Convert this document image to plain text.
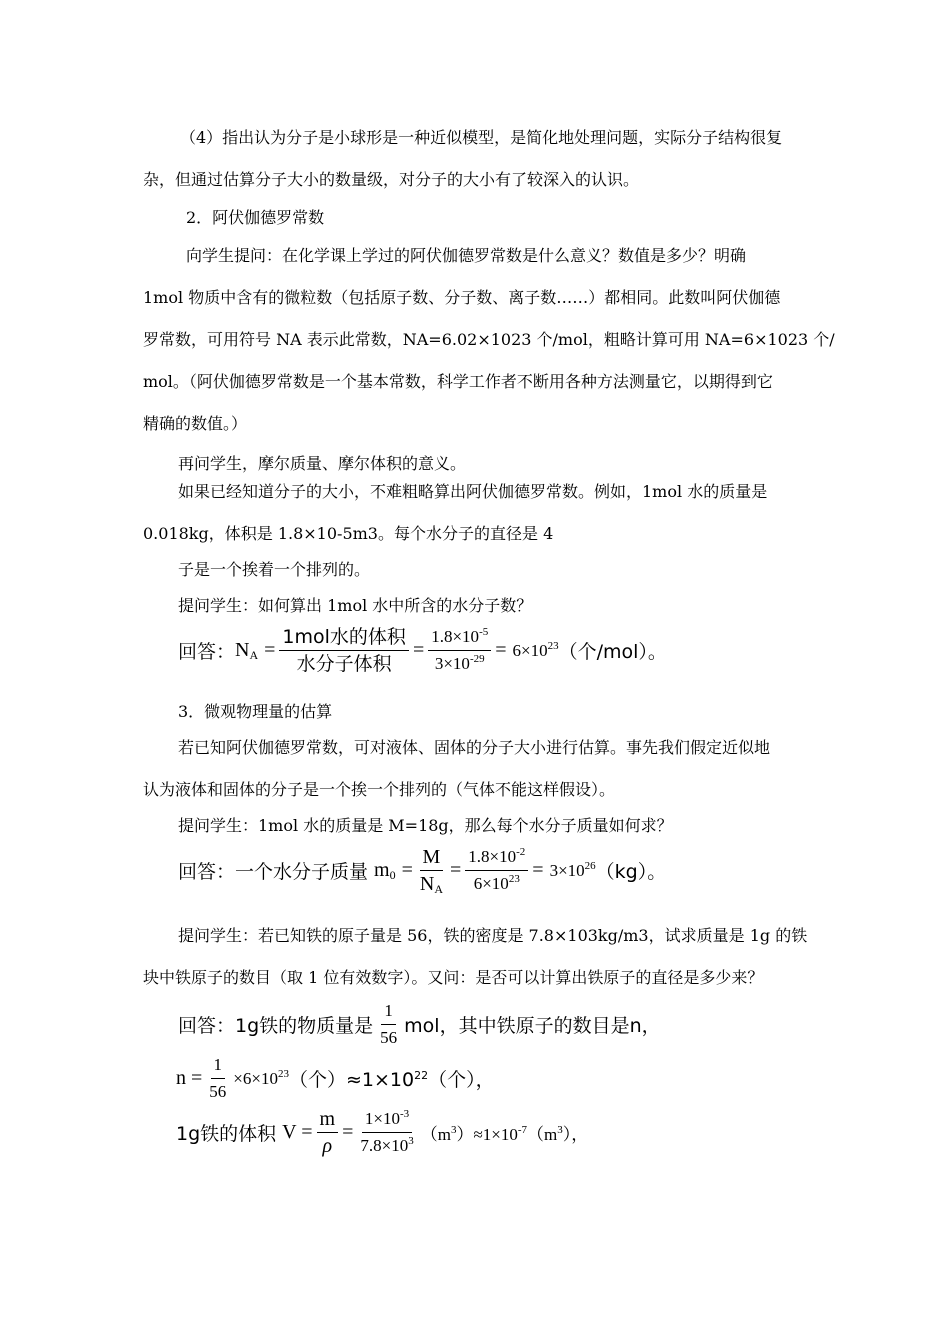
（4）指出认为分子是小球形是一种近似模型，是简化地处理问题，实际分子结构很复
杂，但通过估算分子大小的数量级，对分子的大小有了较深入的认识。
2．阿伏伽德罗常数
向学生提问：在化学课上学过的阿伏伽德罗常数是什么意义？数值是多少？明确
1mol 物质中含有的微粒数（包括原子数、分子数、离子数……）都相同。此数叫阿伏伽德
罗常数，可用符号 NA 表示此常数，NA=6.02×1023 个/mol，粗略计算可用 NA=6×1023 个/
mol。（阿伏伽德罗常数是一个基本常数，科学工作者不断用各种方法测量它，以期得到它
精确的数值。）
再问学生，摩尔质量、摩尔体积的意义。
如果已经知道分子的大小，不难粗略算出阿伏伽德罗常数。例如，1mol 水的质量是
0.018kg，体积是 1.8×10-5m3。每个水分子的直径是 4
子是一个挨着一个排列的。
提问学生：如何算出 1mol 水中所含的水分子数？
回答： $N_A = \frac{\text{1mol水的体积}}{\text{水分子体积}} = \frac{1.8\times 10^{-5}}{3\times 10^{-29}} = 6\times 10^{23}$ （个/mol）。
3．微观物理量的估算
若已知阿伏伽德罗常数，可对液体、固体的分子大小进行估算。事先我们假定近似地
认为液体和固体的分子是一个挨一个排列的（气体不能这样假设）。
提问学生：1mol 水的质量是 M=18g，那么每个水分子质量如何求？
回答：一个水分子质量 $m_0 = \frac{M}{N_A} = \frac{1.8\times 10^{-2}}{6\times 10^{23}} = 3\times 10^{26}$ （kg）。
提问学生：若已知铁的原子量是 56，铁的密度是 7.8×103kg/m3，试求质量是 1g 的铁
块中铁原子的数目（取 1 位有效数字）。又问：是否可以计算出铁原子的直径是多少来？
回答：1g铁的物质量是 $\frac{1}{56}$ mol，其中铁原子的数目是n，
$n = \frac{1}{56} \times 6\times 10^{23}$ （个）$\approx 1\times 10^{22}$ （个），
1g铁的体积 $V = \frac{m}{\rho} = \frac{1\times 10^{-3}}{7.8\times 10^3} (m^3)\approx 1\times 10^{-7}(m^3)$，
